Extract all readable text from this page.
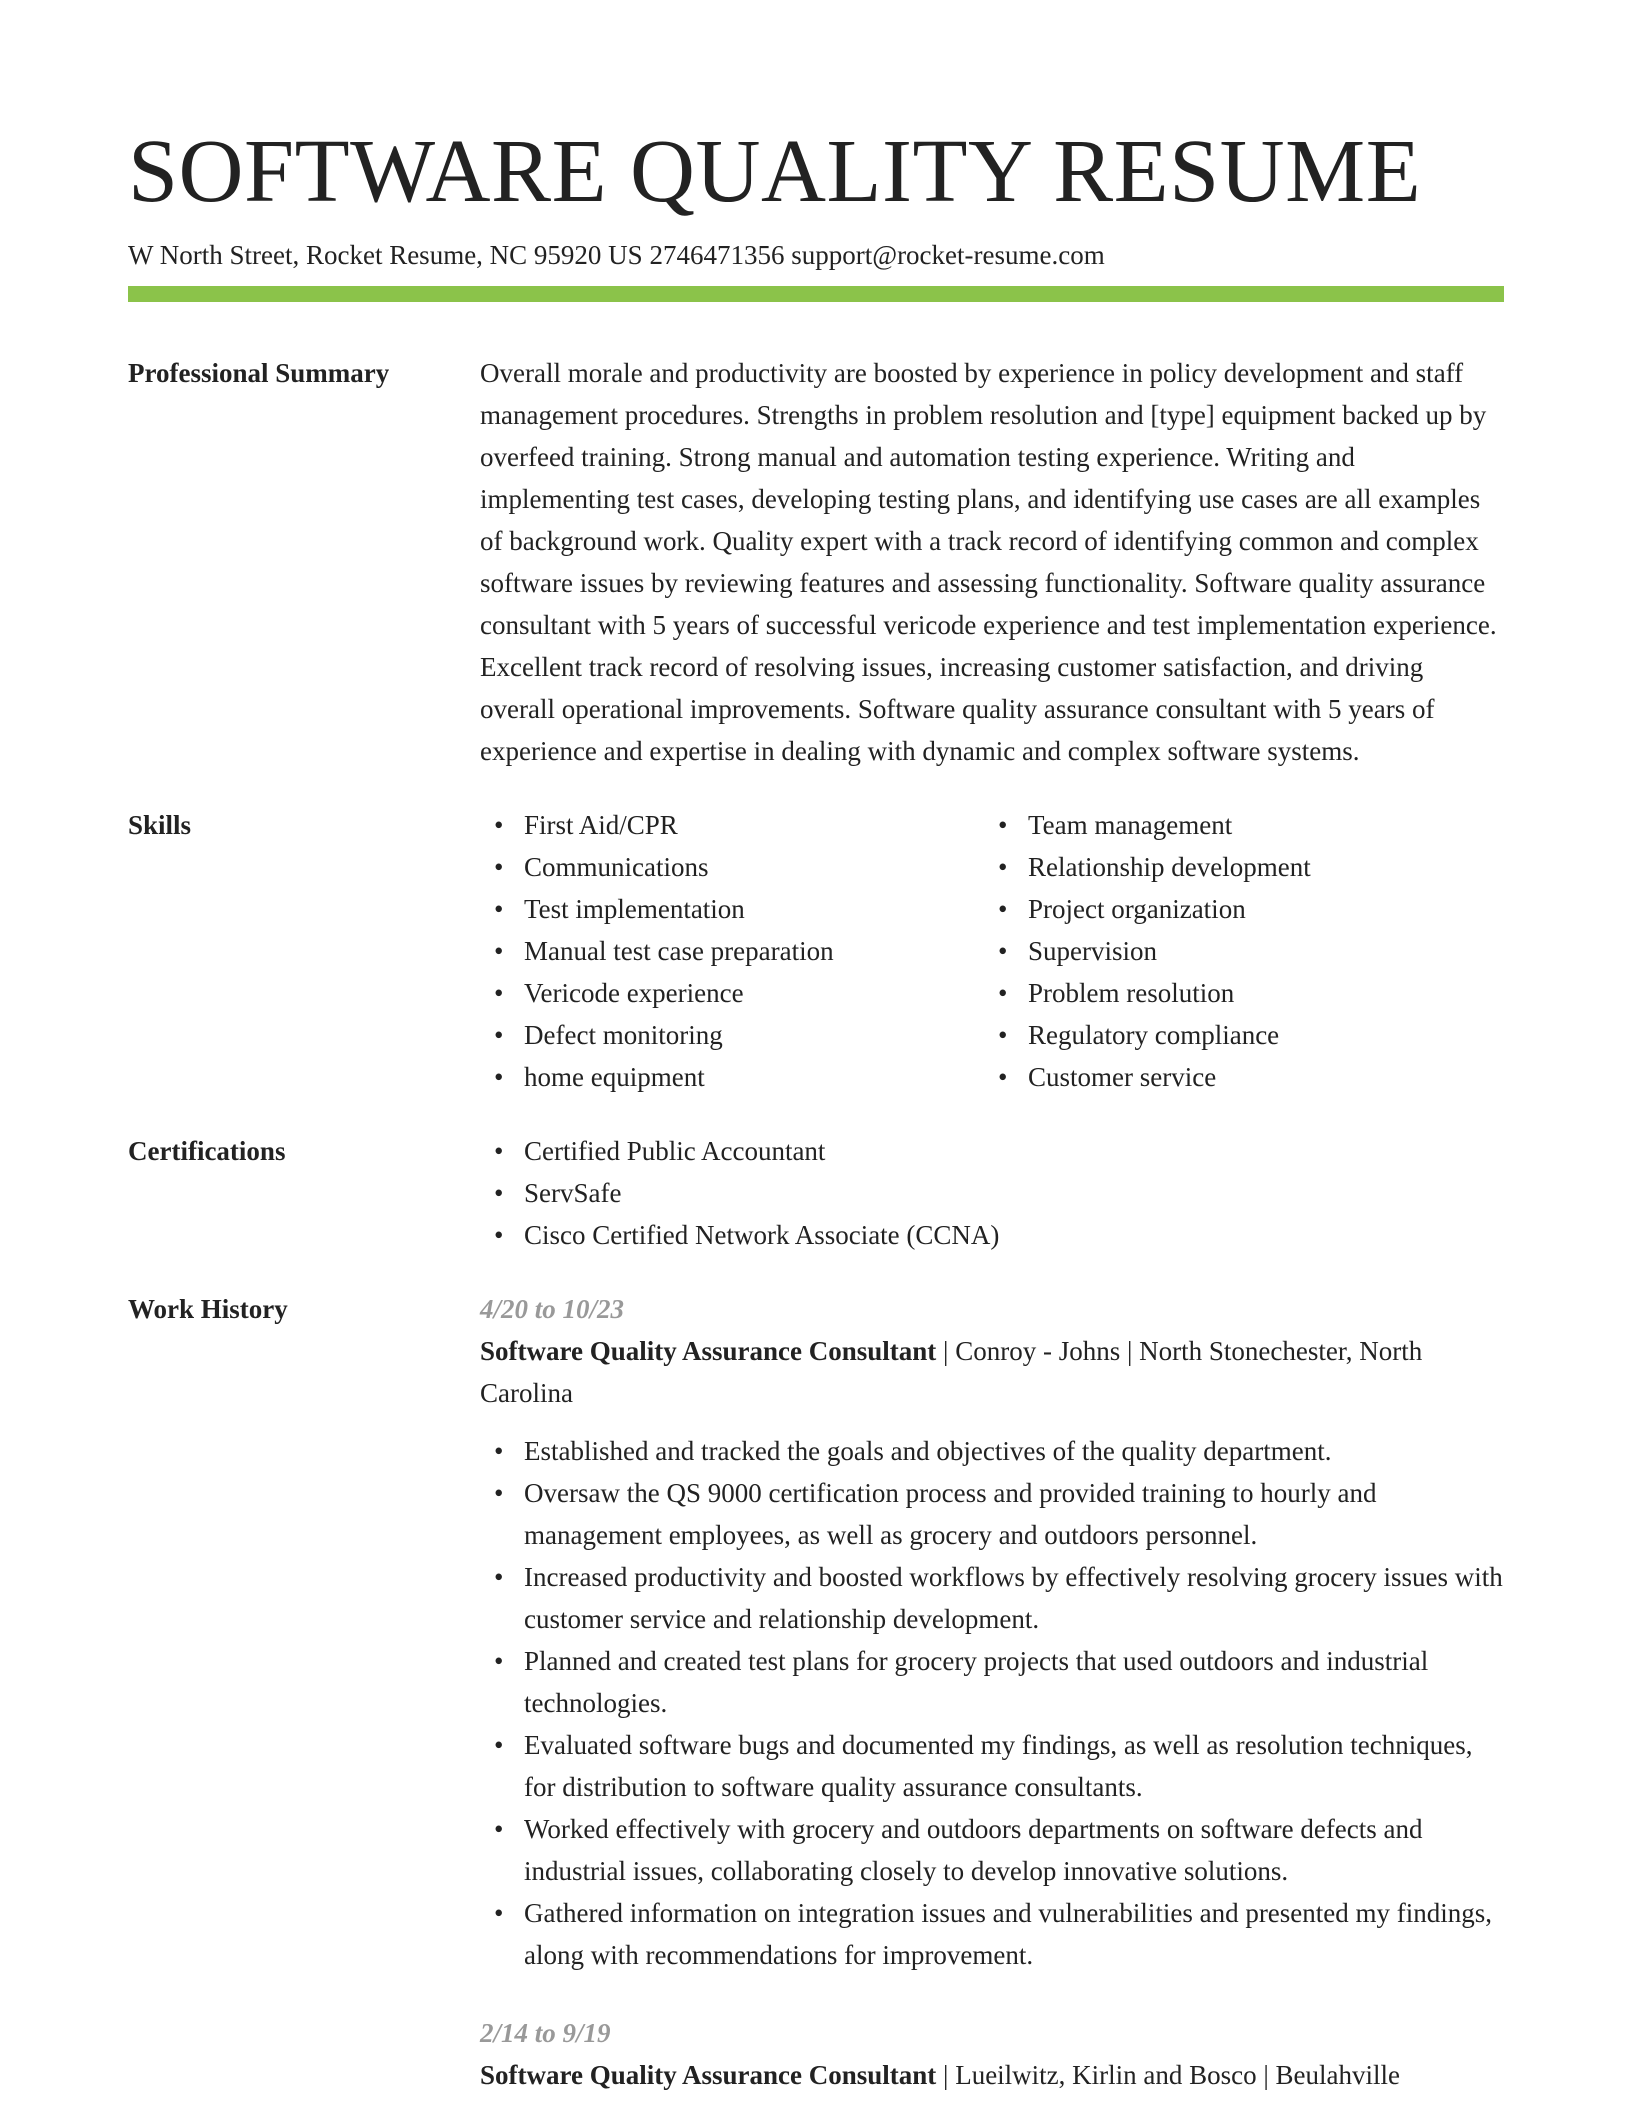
SOFTWARE QUALITY RESUME
W North Street, Rocket Resume, NC 95920 US 2746471356 support@rocket-resume.com
Professional Summary	Overall morale and productivity are boosted by experience in policy development and staff management procedures. Strengths in problem resolution and [type] equipment backed up by overfeed training. Strong manual and automation testing experience. Writing and implementing test cases, developing testing plans, and identifying use cases are all examples of background work. Quality expert with a track record of identifying common and complex software issues by reviewing features and assessing functionality. Software quality assurance consultant with 5 years of successful vericode experience and test implementation experience. Excellent track record of resolving issues, increasing customer satisfaction, and driving overall operational improvements. Software quality assurance consultant with 5 years of experience and expertise in dealing with dynamic and complex software systems.
Skills	• First Aid/CPR
• Communications
• Test implementation
• Manual test case preparation
• Vericode experience
• Defect monitoring
• home equipment
• Team management
• Relationship development
• Project organization
• Supervision
• Problem resolution
• Regulatory compliance
• Customer service
Certifications	• Certified Public Accountant
• ServSafe
• Cisco Certified Network Associate (CCNA)
Work History	4/20 to 10/23
Software Quality Assurance Consultant | Conroy - Johns | North Stonechester, North Carolina
• Established and tracked the goals and objectives of the quality department.
• Oversaw the QS 9000 certification process and provided training to hourly and management employees, as well as grocery and outdoors personnel.
• Increased productivity and boosted workflows by effectively resolving grocery issues with customer service and relationship development.
• Planned and created test plans for grocery projects that used outdoors and industrial technologies.
• Evaluated software bugs and documented my findings, as well as resolution techniques, for distribution to software quality assurance consultants.
• Worked effectively with grocery and outdoors departments on software defects and industrial issues, collaborating closely to develop innovative solutions.
• Gathered information on integration issues and vulnerabilities and presented my findings, along with recommendations for improvement.
2/14 to 9/19
Software Quality Assurance Consultant | Lueilwitz, Kirlin and Bosco | Beulahville
